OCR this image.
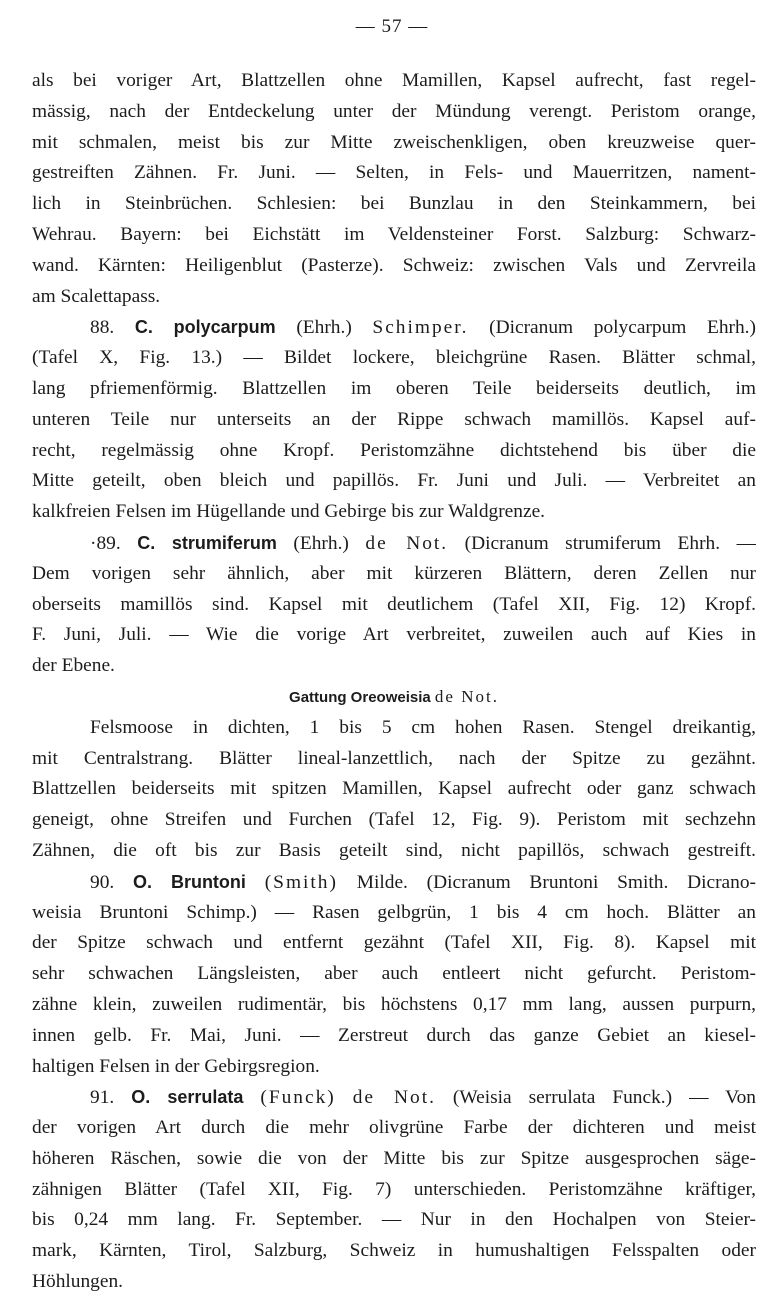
— 57 —
als bei voriger Art, Blattzellen ohne Mamillen, Kapsel aufrecht, fast regel-
mässig, nach der Entdeckelung unter der Mündung verengt. Peristom orange,
mit schmalen, meist bis zur Mitte zweischenkligen, oben kreuzweise quer-
gestreiften Zähnen. Fr. Juni. — Selten, in Fels- und Mauerritzen, nament-
lich in Steinbrüchen. Schlesien: bei Bunzlau in den Steinkammern, bei
Wehrau. Bayern: bei Eichstätt im Veldensteiner Forst. Salzburg: Schwarz-
wand. Kärnten: Heiligenblut (Pasterze). Schweiz: zwischen Vals und Zervreila
am Scalettapass.
88. C. polycarpum (Ehrh.) Schimper. (Dicranum polycarpum Ehrh.)
(Tafel X, Fig. 13.) — Bildet lockere, bleichgrüne Rasen. Blätter schmal,
lang pfriemenförmig. Blattzellen im oberen Teile beiderseits deutlich, im
unteren Teile nur unterseits an der Rippe schwach mamillös. Kapsel auf-
recht, regelmässig ohne Kropf. Peristomzähne dichtstehend bis über die
Mitte geteilt, oben bleich und papillös. Fr. Juni und Juli. — Verbreitet an
kalkfreien Felsen im Hügellande und Gebirge bis zur Waldgrenze.
·89. C. strumiferum (Ehrh.) de Not. (Dicranum strumiferum Ehrh. —
Dem vorigen sehr ähnlich, aber mit kürzeren Blättern, deren Zellen nur
oberseits mamillös sind. Kapsel mit deutlichem (Tafel XII, Fig. 12) Kropf.
F. Juni, Juli. — Wie die vorige Art verbreitet, zuweilen auch auf Kies in
der Ebene.
Gattung Oreoweisia de Not.
Felsmoose in dichten, 1 bis 5 cm hohen Rasen. Stengel dreikantig,
mit Centralstrang. Blätter lineal-lanzettlich, nach der Spitze zu gezähnt.
Blattzellen beiderseits mit spitzen Mamillen, Kapsel aufrecht oder ganz schwach
geneigt, ohne Streifen und Furchen (Tafel 12, Fig. 9). Peristom mit sechzehn
Zähnen, die oft bis zur Basis geteilt sind, nicht papillös, schwach gestreift.
90. O. Bruntoni (Smith) Milde. (Dicranum Bruntoni Smith. Dicrano-
weisia Bruntoni Schimp.) — Rasen gelbgrün, 1 bis 4 cm hoch. Blätter an
der Spitze schwach und entfernt gezähnt (Tafel XII, Fig. 8). Kapsel mit
sehr schwachen Längsleisten, aber auch entleert nicht gefurcht. Peristom-
zähne klein, zuweilen rudimentär, bis höchstens 0,17 mm lang, aussen purpurn,
innen gelb. Fr. Mai, Juni. — Zerstreut durch das ganze Gebiet an kiesel-
haltigen Felsen in der Gebirgsregion.
91. O. serrulata (Funck) de Not. (Weisia serrulata Funck.) — Von
der vorigen Art durch die mehr olivgrüne Farbe der dichteren und meist
höheren Räschen, sowie die von der Mitte bis zur Spitze ausgesprochen säge-
zähnigen Blätter (Tafel XII, Fig. 7) unterschieden. Peristomzähne kräftiger,
bis 0,24 mm lang. Fr. September. — Nur in den Hochalpen von Steier-
mark, Kärnten, Tirol, Salzburg, Schweiz in humushaltigen Felsspalten oder
Höhlungen.
